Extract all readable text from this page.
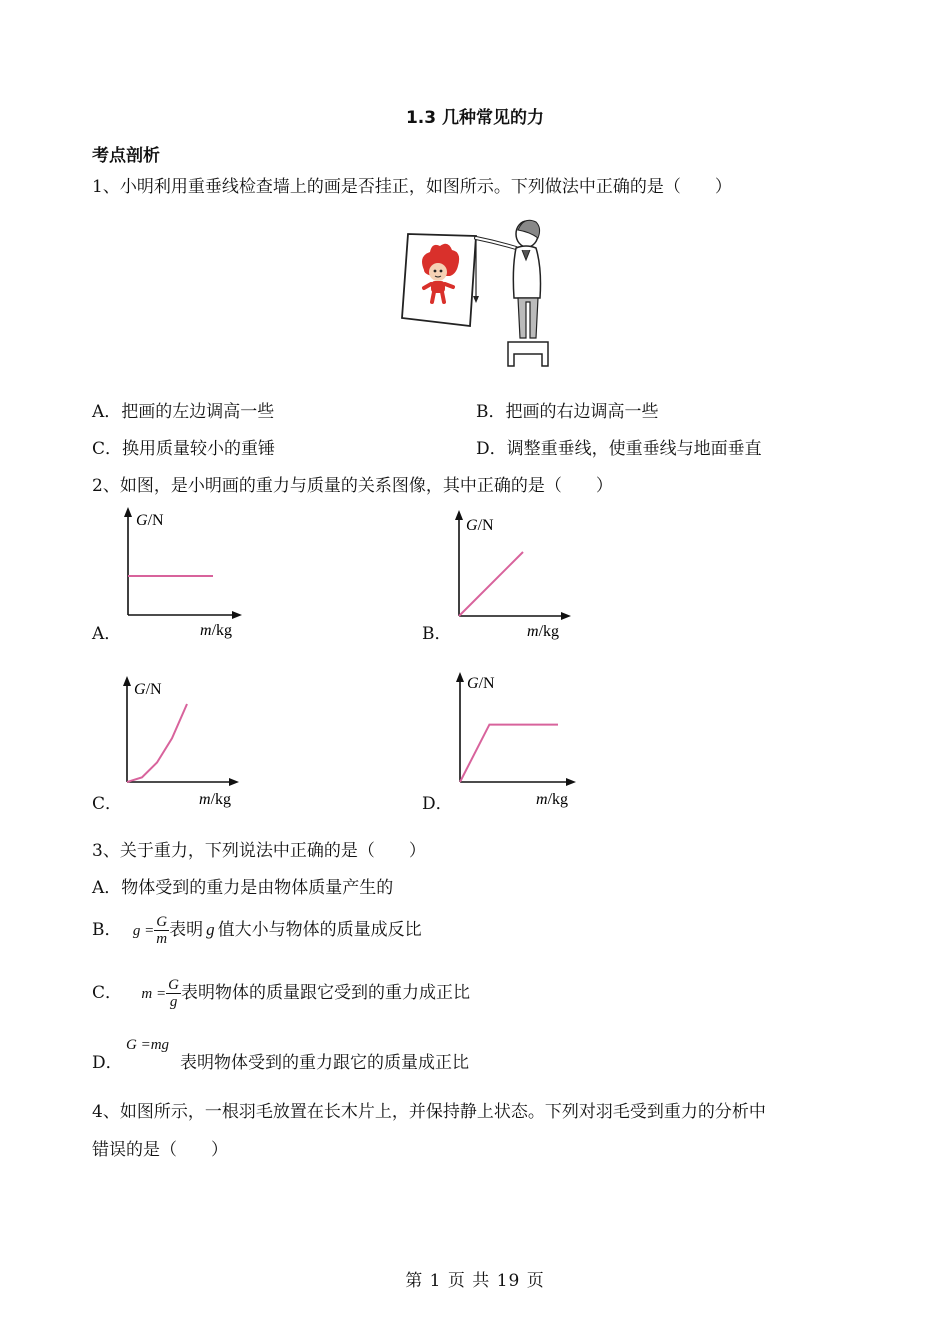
1.3 几种常见的力
考点剖析
1、小明利用重垂线检查墙上的画是否挂正，如图所示。下列做法中正确的是（　　）
A．把画的左边调高一些	B．把画的右边调高一些
C．换用质量较小的重锤	D．调整重垂线，使重垂线与地面垂直
2、如图，是小明画的重力与质量的关系图像，其中正确的是（　　）
G/N
m/kg
A．
G/N
m/kg
B．
G/N
m/kg
C．
G/N
m/kg
D．
3、关于重力，下列说法中正确的是（　　）
A．物体受到的重力是由物体质量产生的
B． $g = \frac{G}{m}$ 表明 g 值大小与物体的质量成反比
C． $m = \frac{G}{g}$ 表明物体的质量跟它受到的重力成正比
G =mg
D．	表明物体受到的重力跟它的质量成正比
4、如图所示，一根羽毛放置在长木片上，并保持静上状态。下列对羽毛受到重力的分析中
错误的是（　　）
第 1 页 共 19 页
